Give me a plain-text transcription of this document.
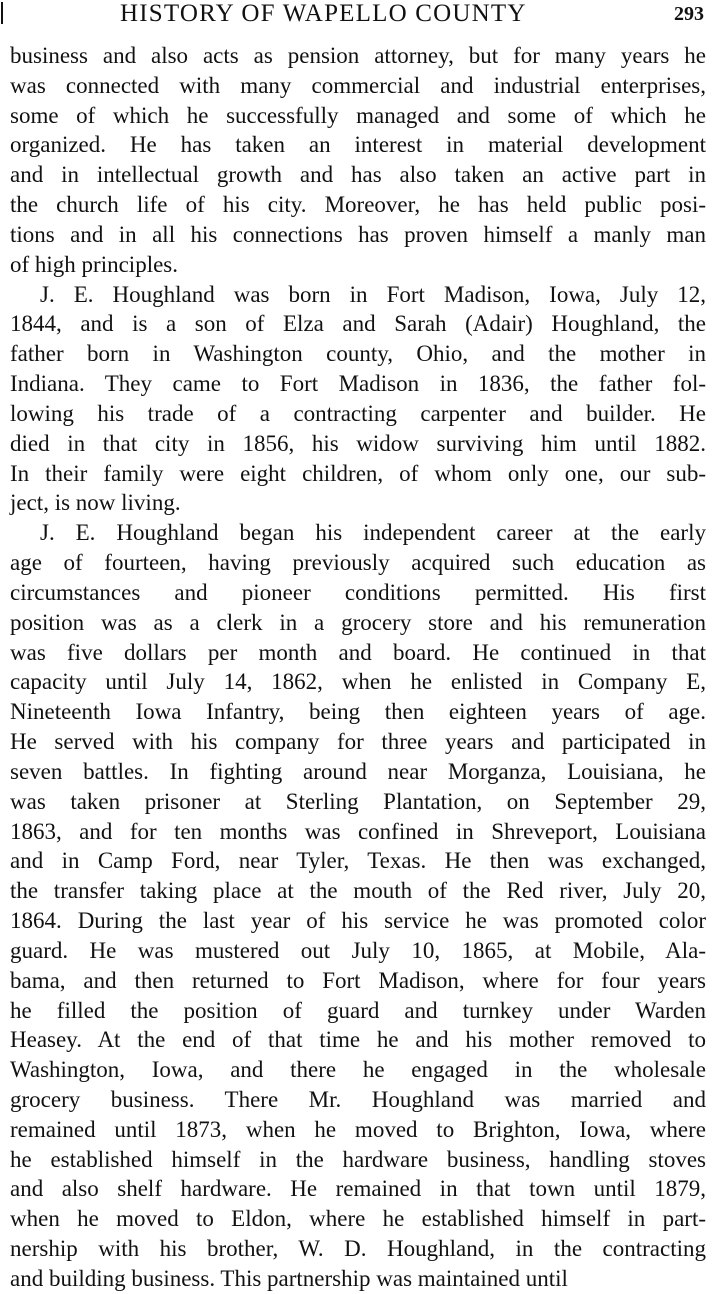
HISTORY OF WAPELLO COUNTY	293
business and also acts as pension attorney, but for many years he
was connected with many commercial and industrial enterprises,
some of which he successfully managed and some of which he
organized. He has taken an interest in material development
and in intellectual growth and has also taken an active part in
the church life of his city. Moreover, he has held public posi-
tions and in all his connections has proven himself a manly man
of high principles.
J. E. Houghland was born in Fort Madison, Iowa, July 12,
1844, and is a son of Elza and Sarah (Adair) Houghland, the
father born in Washington county, Ohio, and the mother in
Indiana. They came to Fort Madison in 1836, the father fol-
lowing his trade of a contracting carpenter and builder. He
died in that city in 1856, his widow surviving him until 1882.
In their family were eight children, of whom only one, our sub-
ject, is now living.
J. E. Houghland began his independent career at the early
age of fourteen, having previously acquired such education as
circumstances and pioneer conditions permitted. His first
position was as a clerk in a grocery store and his remuneration
was five dollars per month and board. He continued in that
capacity until July 14, 1862, when he enlisted in Company E,
Nineteenth Iowa Infantry, being then eighteen years of age.
He served with his company for three years and participated in
seven battles. In fighting around near Morganza, Louisiana, he
was taken prisoner at Sterling Plantation, on September 29,
1863, and for ten months was confined in Shreveport, Louisiana
and in Camp Ford, near Tyler, Texas. He then was exchanged,
the transfer taking place at the mouth of the Red river, July 20,
1864. During the last year of his service he was promoted color
guard. He was mustered out July 10, 1865, at Mobile, Ala-
bama, and then returned to Fort Madison, where for four years
he filled the position of guard and turnkey under Warden
Heasey. At the end of that time he and his mother removed to
Washington, Iowa, and there he engaged in the wholesale
grocery business. There Mr. Houghland was married and
remained until 1873, when he moved to Brighton, Iowa, where
he established himself in the hardware business, handling stoves
and also shelf hardware. He remained in that town until 1879,
when he moved to Eldon, where he established himself in part-
nership with his brother, W. D. Houghland, in the contracting
and building business. This partnership was maintained until
